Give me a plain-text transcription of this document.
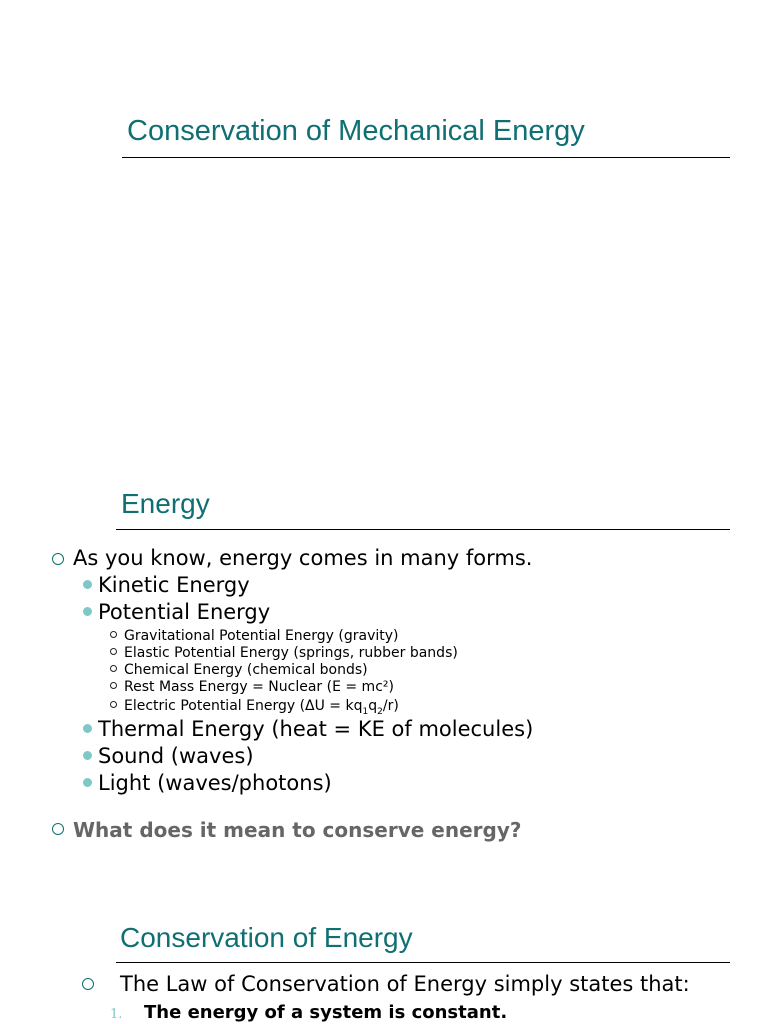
Conservation of Mechanical Energy
Energy
As you know, energy comes in many forms.
Kinetic Energy
Potential Energy
Gravitational Potential Energy (gravity)
Elastic Potential Energy (springs, rubber bands)
Chemical Energy (chemical bonds)
Rest Mass Energy = Nuclear (E = mc²)
Electric Potential Energy $(\Delta U = kq_1q_2/r)$
Thermal Energy (heat = KE of molecules)
Sound (waves)
Light (waves/photons)
What does it mean to conserve energy?
Conservation of Energy
The Law of Conservation of Energy simply states that:
1. The energy of a system is constant.
